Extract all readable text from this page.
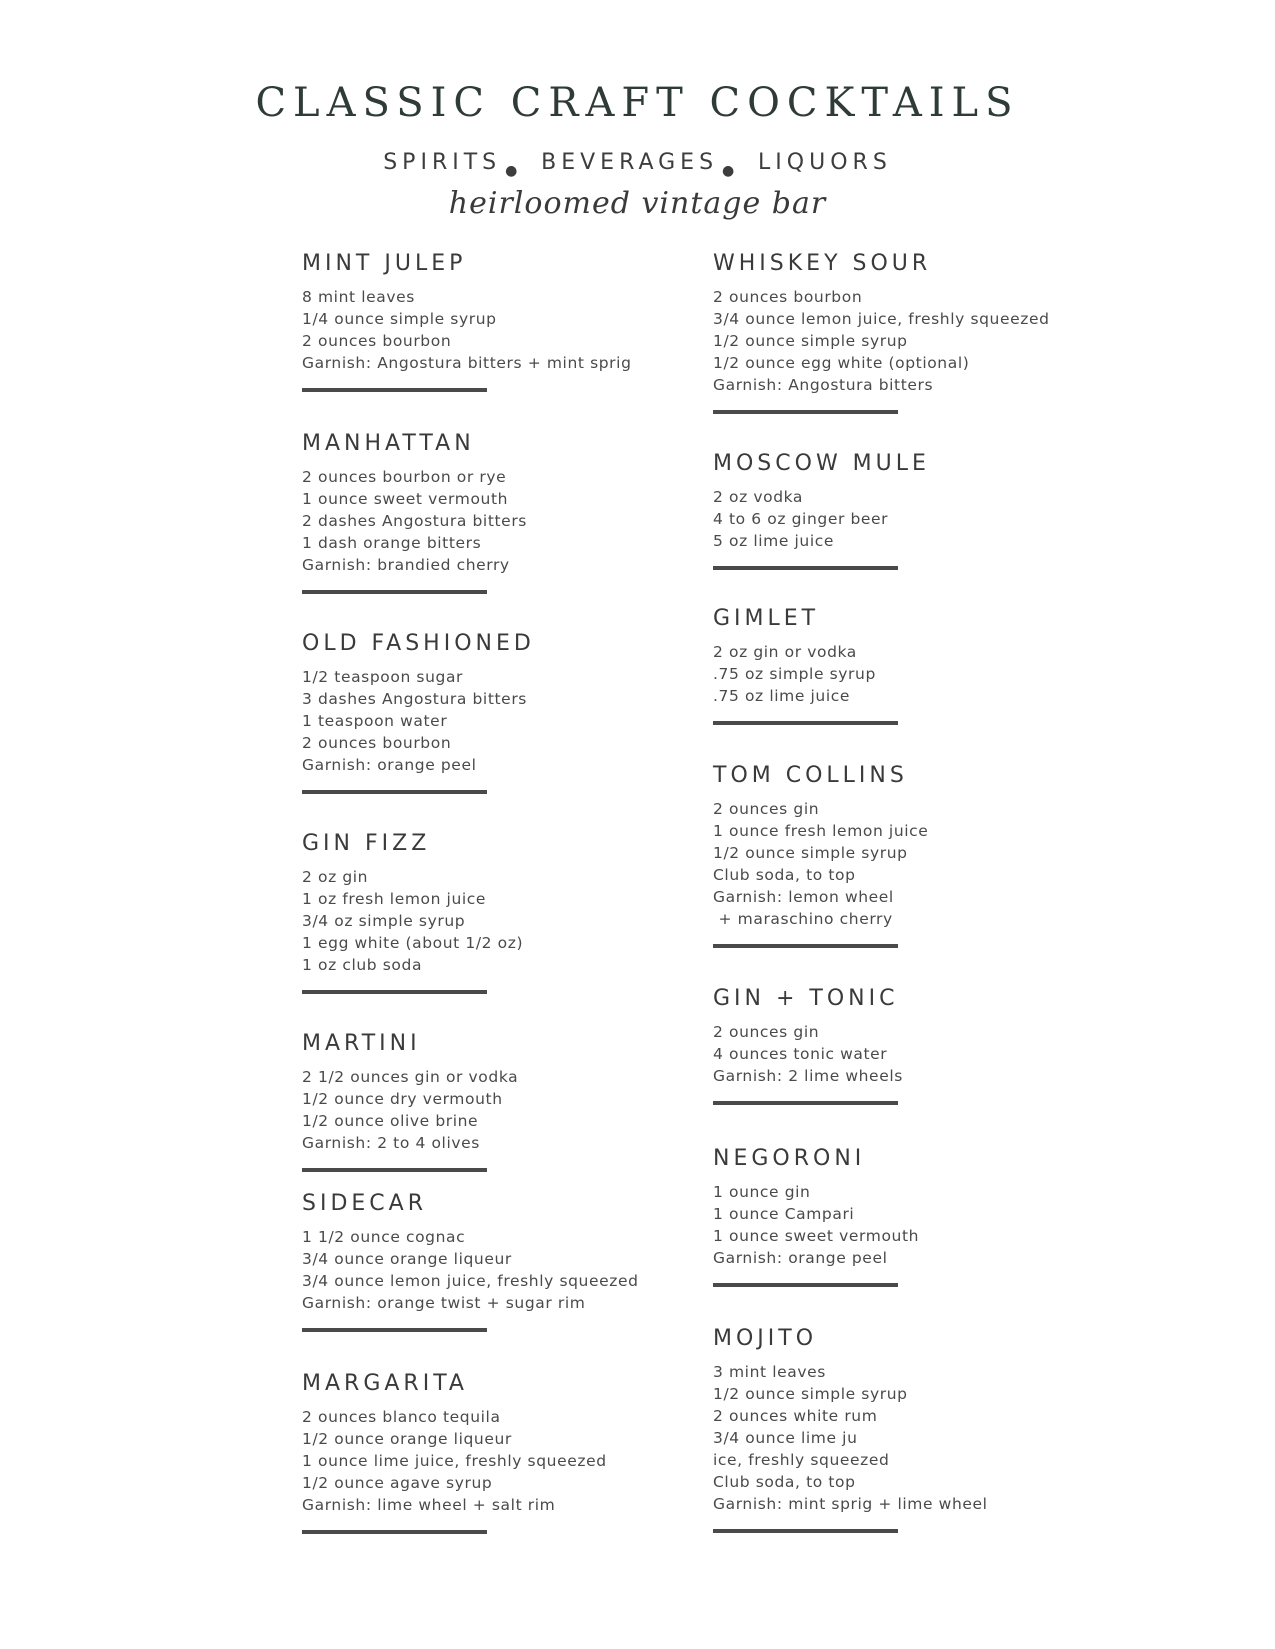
CLASSIC CRAFT COCKTAILS
SPIRITS ● BEVERAGES ● LIQUORS
heirloomed vintage bar
MINT JULEP
8 mint leaves
1/4 ounce simple syrup
2 ounces bourbon
Garnish: Angostura bitters + mint sprig
MANHATTAN
2 ounces bourbon or rye
1 ounce sweet vermouth
2 dashes Angostura bitters
1 dash orange bitters
Garnish: brandied cherry
OLD FASHIONED
1/2 teaspoon sugar
3 dashes Angostura bitters
1 teaspoon water
2 ounces bourbon
Garnish: orange peel
GIN FIZZ
2 oz gin
1 oz fresh lemon juice
3/4 oz simple syrup
1 egg white (about 1/2 oz)
1 oz club soda
MARTINI
2 1/2 ounces gin or vodka
1/2 ounce dry vermouth
1/2 ounce olive brine
Garnish: 2 to 4 olives
SIDECAR
1 1/2 ounce cognac
3/4 ounce orange liqueur
3/4 ounce lemon juice, freshly squeezed
Garnish: orange twist + sugar rim
MARGARITA
2 ounces blanco tequila
1/2 ounce orange liqueur
1 ounce lime juice, freshly squeezed
1/2 ounce agave syrup
Garnish: lime wheel + salt rim
WHISKEY SOUR
2 ounces bourbon
3/4 ounce lemon juice, freshly squeezed
1/2 ounce simple syrup
1/2 ounce egg white (optional)
Garnish: Angostura bitters
MOSCOW MULE
2 oz vodka
4 to 6 oz ginger beer
5 oz lime juice
GIMLET
2 oz gin or vodka
.75 oz simple syrup
.75 oz lime juice
TOM COLLINS
2 ounces gin
1 ounce fresh lemon juice
1/2 ounce simple syrup
Club soda, to top
Garnish: lemon wheel
+ maraschino cherry
GIN + TONIC
2 ounces gin
4 ounces tonic water
Garnish: 2 lime wheels
NEGORONI
1 ounce gin
1 ounce Campari
1 ounce sweet vermouth
Garnish: orange peel
MOJITO
3 mint leaves
1/2 ounce simple syrup
2 ounces white rum
3/4 ounce lime ju
ice, freshly squeezed
Club soda, to top
Garnish: mint sprig + lime wheel
